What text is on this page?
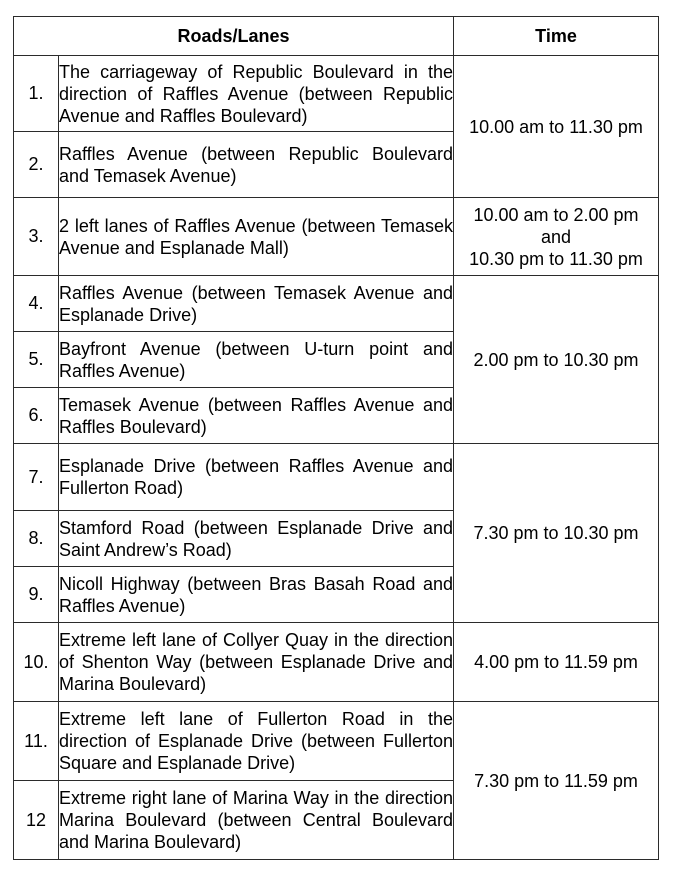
Roads/Lanes		Time
1.	The carriageway of Republic Boulevard in the direction of Raffles Avenue (between Republic Avenue and Raffles Boulevard)	10.00 am to 11.30 pm
2.	Raffles Avenue (between Republic Boulevard and Temasek Avenue)	
3.	2 left lanes of Raffles Avenue (between Temasek Avenue and Esplanade Mall)	10.00 am to 2.00 pm
and
10.30 pm to 11.30 pm

4.	Raffles Avenue (between Temasek Avenue and Esplanade Drive)	2.00 pm to 10.30 pm
5.	Bayfront Avenue (between U-turn point and Raffles Avenue)	
6.	Temasek Avenue (between Raffles Avenue and Raffles Boulevard)	
7.	Esplanade Drive (between Raffles Avenue and Fullerton Road)	7.30 pm to 10.30 pm
8.	Stamford Road (between Esplanade Drive and Saint Andrew’s Road)	
9.	Nicoll Highway (between Bras Basah Road and Raffles Avenue)	
10.	Extreme left lane of Collyer Quay in the direction of Shenton Way (between Esplanade Drive and Marina Boulevard)	4.00 pm to 11.59 pm
11.	Extreme left lane of Fullerton Road in the direction of Esplanade Drive (between Fullerton Square and Esplanade Drive)	7.30 pm to 11.59 pm
12	Extreme right lane of Marina Way in the direction Marina Boulevard (between Central Boulevard and Marina Boulevard)	
